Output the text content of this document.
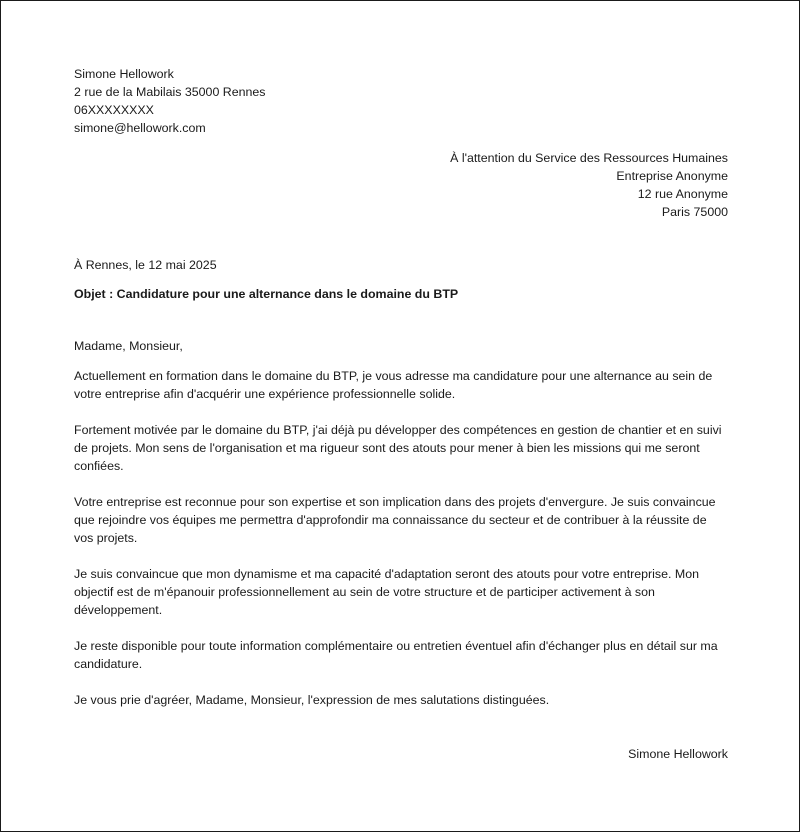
Simone Hellowork
2 rue de la Mabilais 35000 Rennes
06XXXXXXXX
simone@hellowork.com
À l'attention du Service des Ressources Humaines
Entreprise Anonyme
12 rue Anonyme
Paris 75000
À Rennes, le 12 mai 2025
Objet : Candidature pour une alternance dans le domaine du BTP
Madame, Monsieur,
Actuellement en formation dans le domaine du BTP, je vous adresse ma candidature pour une alternance au sein de votre entreprise afin d'acquérir une expérience professionnelle solide.
Fortement motivée par le domaine du BTP, j'ai déjà pu développer des compétences en gestion de chantier et en suivi de projets. Mon sens de l'organisation et ma rigueur sont des atouts pour mener à bien les missions qui me seront confiées.
Votre entreprise est reconnue pour son expertise et son implication dans des projets d'envergure. Je suis convaincue que rejoindre vos équipes me permettra d'approfondir ma connaissance du secteur et de contribuer à la réussite de vos projets.
Je suis convaincue que mon dynamisme et ma capacité d'adaptation seront des atouts pour votre entreprise. Mon objectif est de m'épanouir professionnellement au sein de votre structure et de participer activement à son développement.
Je reste disponible pour toute information complémentaire ou entretien éventuel afin d'échanger plus en détail sur ma candidature.
Je vous prie d'agréer, Madame, Monsieur, l'expression de mes salutations distinguées.
Simone Hellowork
